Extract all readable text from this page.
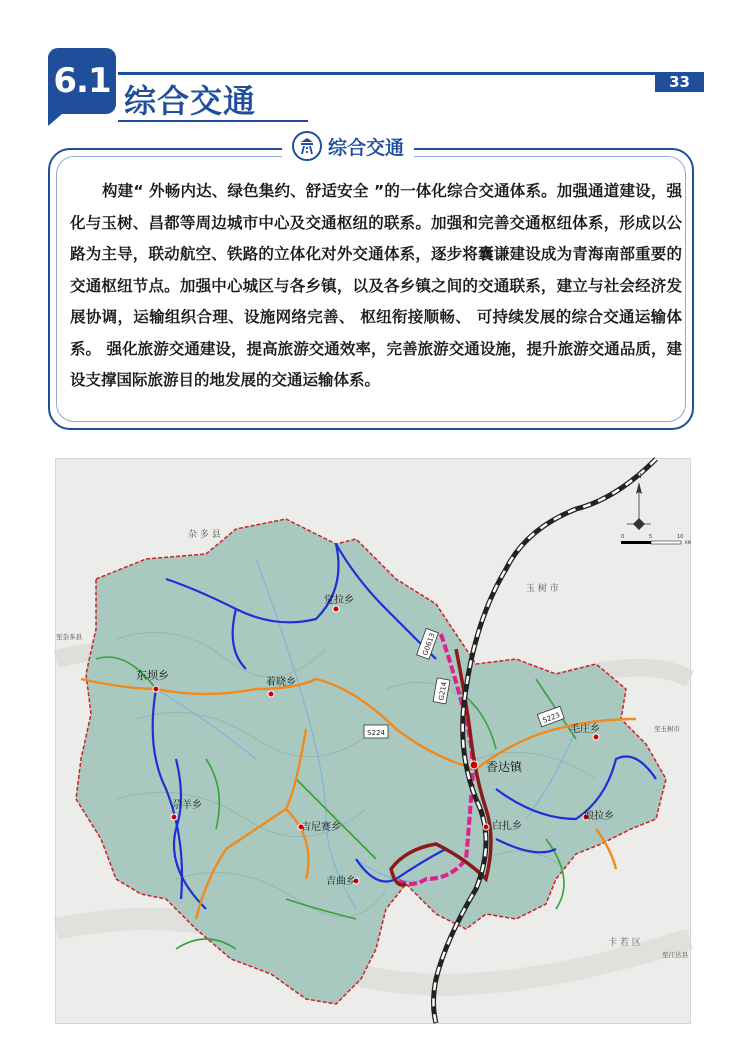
6.1 综合交通	33
综合交通
构建“ 外畅内达、绿色集约、舒适安全 ”的一体化综合交通体系。加强通道建设，强化与玉树、昌都等周边城市中心及交通枢纽的联系。加强和完善交通枢纽体系，形成以公路为主导，联动航空、铁路的立体化对外交通体系，逐步将囊谦建设成为青海南部重要的交通枢纽节点。加强中心城区与各乡镇，以及各乡镇之间的交通联系，建立与社会经济发展协调，运输组织合理、设施网络完善、 枢纽衔接顺畅、 可持续发展的综合交通运输体系。 强化旅游交通建设，提高旅游交通效率，完善旅游交通设施，提升旅游交通品质，建设支撑国际旅游目的地发展的交通运输体系。
G0613
G214
S224
S223
杂 多 县
玉 树 市
卡 若 区
至杂多县
至玉树市
至江达县
觉拉乡
东坝乡
着晓乡
香达镇
毛庄乡
娘拉乡
白扎乡
尕羊乡
吉尼赛乡
吉曲乡
N
0	5	10
KM
